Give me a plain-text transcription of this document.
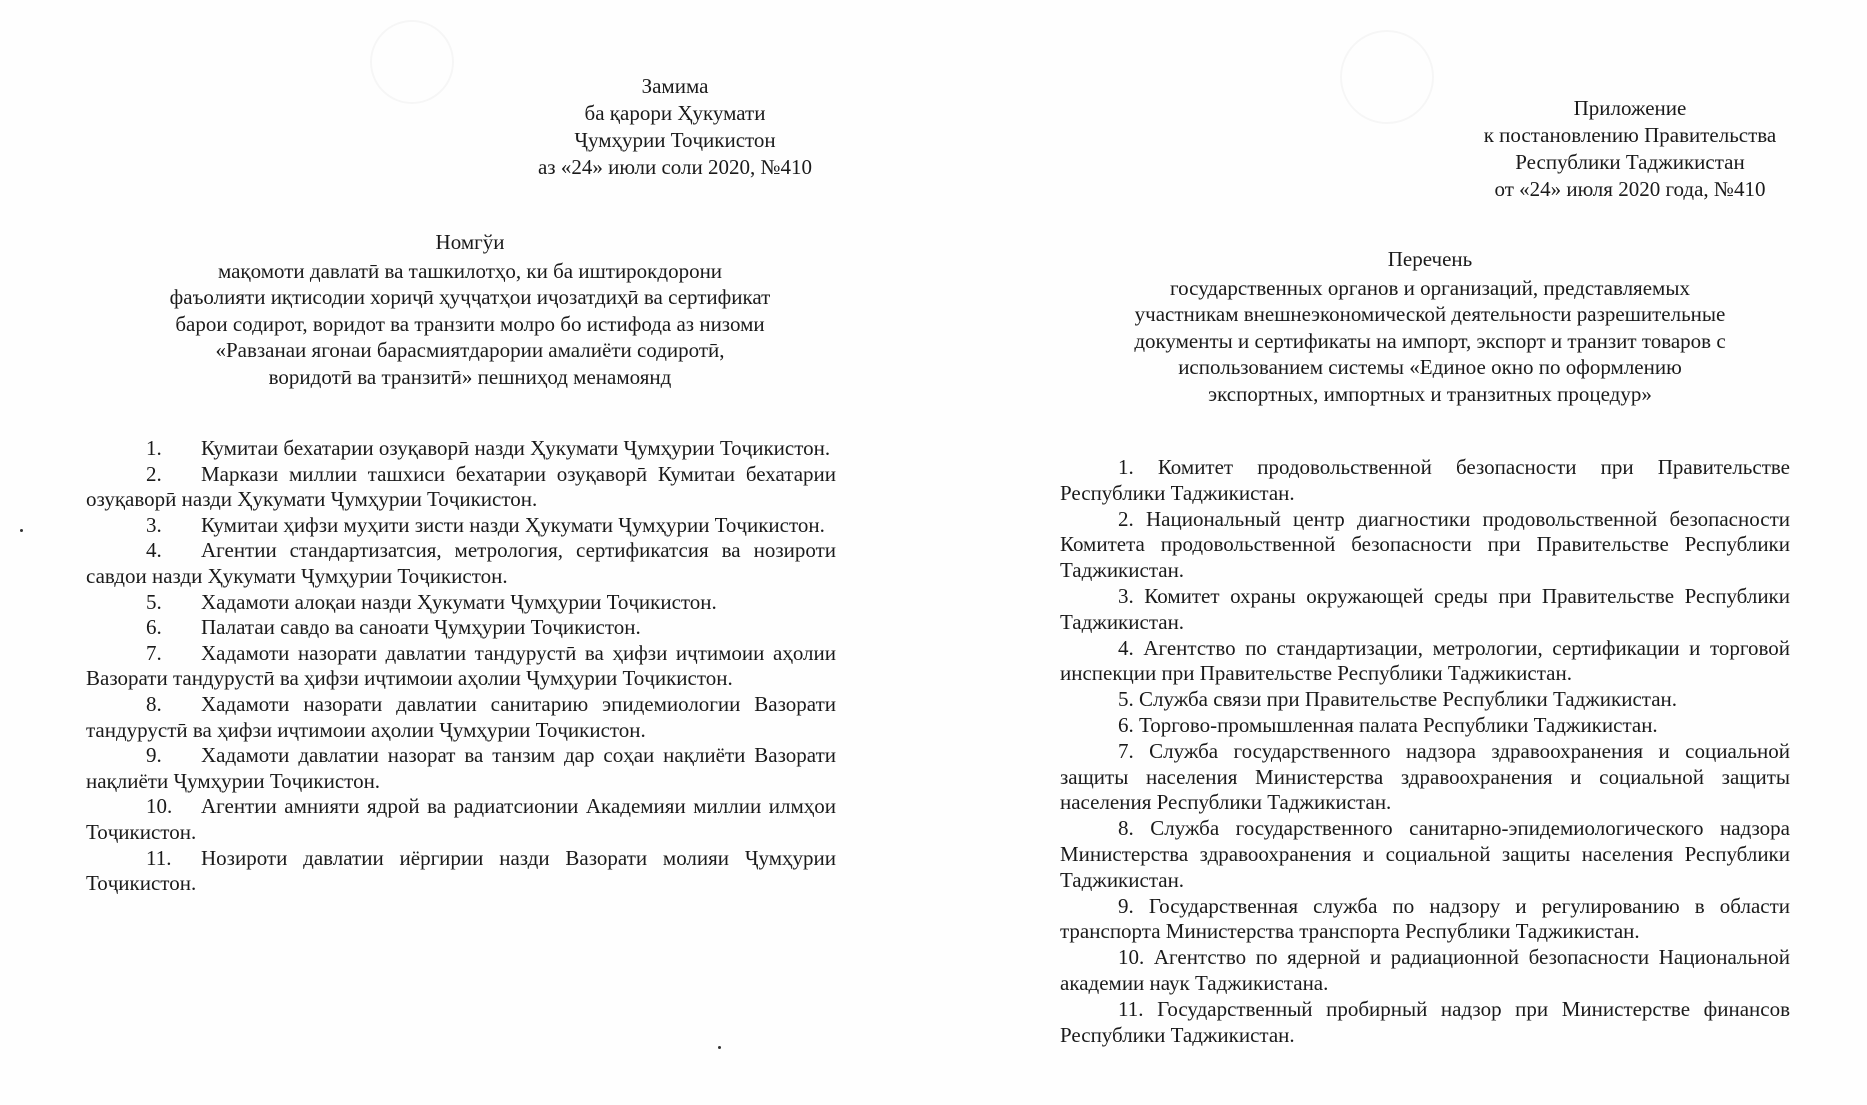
Замима
ба қарори Ҳукумати
Ҷумҳурии Тоҷикистон
аз «24» июли соли 2020, №410
Номгўи
мақомоти давлатӣ ва ташкилотҳо, ки ба иштирокдорони
фаъолияти иқтисодии хориҷӣ ҳуҷҷатҳои иҷозатдиҳӣ ва сертификат
барои содирот, воридот ва транзити молро бо истифода аз низоми
«Равзанаи ягонаи барасмиятдарории амалиёти содиротӣ,
воридотӣ ва транзитӣ» пешниҳод менамоянд
1. Кумитаи бехатарии озуқаворӣ назди Ҳукумати Ҷумҳурии Тоҷикистон.
2. Маркази миллии ташхиси бехатарии озуқаворӣ Кумитаи бехатарии озуқаворӣ назди Ҳукумати Ҷумҳурии Тоҷикистон.
3. Кумитаи ҳифзи муҳити зисти назди Ҳукумати Ҷумҳурии Тоҷикистон.
4. Агентии стандартизатсия, метрология, сертификатсия ва нозироти савдои назди Ҳукумати Ҷумҳурии Тоҷикистон.
5. Хадамоти алоқаи назди Ҳукумати Ҷумҳурии Тоҷикистон.
6. Палатаи савдо ва саноати Ҷумҳурии Тоҷикистон.
7. Хадамоти назорати давлатии тандурустӣ ва ҳифзи иҷтимоии аҳолии Вазорати тандурустӣ ва ҳифзи иҷтимоии аҳолии Ҷумҳурии Тоҷикистон.
8. Хадамоти назорати давлатии санитарию эпидемиологии Вазорати тандурустӣ ва ҳифзи иҷтимоии аҳолии Ҷумҳурии Тоҷикистон.
9. Хадамоти давлатии назорат ва танзим дар соҳаи нақлиёти Вазорати нақлиёти Ҷумҳурии Тоҷикистон.
10. Агентии амнияти ядрой ва радиатсионии Академияи миллии илмҳои Тоҷикистон.
11. Нозироти давлатии иёргирии назди Вазорати молияи Ҷумҳурии Тоҷикистон.
Приложение
к постановлению Правительства
Республики Таджикистан
от «24» июля 2020 года, №410
Перечень
государственных органов и организаций, представляемых
участникам внешнеэкономической деятельности разрешительные
документы и сертификаты на импорт, экспорт и транзит товаров с
использованием системы «Единое окно по оформлению
экспортных, импортных и транзитных процедур»
1. Комитет продовольственной безопасности при Правительстве Республики Таджикистан.
2. Национальный центр диагностики продовольственной безопасности Комитета продовольственной безопасности при Правительстве Республики Таджикистан.
3. Комитет охраны окружающей среды при Правительстве Республики Таджикистан.
4. Агентство по стандартизации, метрологии, сертификации и торговой инспекции при Правительстве Республики Таджикистан.
5. Служба связи при Правительстве Республики Таджикистан.
6. Торгово-промышленная палата Республики Таджикистан.
7. Служба государственного надзора здравоохранения и социальной защиты населения Министерства здравоохранения и социальной защиты населения Республики Таджикистан.
8. Служба государственного санитарно-эпидемиологического надзора Министерства здравоохранения и социальной защиты населения Республики Таджикистан.
9. Государственная служба по надзору и регулированию в области транспорта Министерства транспорта Республики Таджикистан.
10. Агентство по ядерной и радиационной безопасности Национальной академии наук Таджикистана.
11. Государственный пробирный надзор при Министерстве финансов Республики Таджикистан.
